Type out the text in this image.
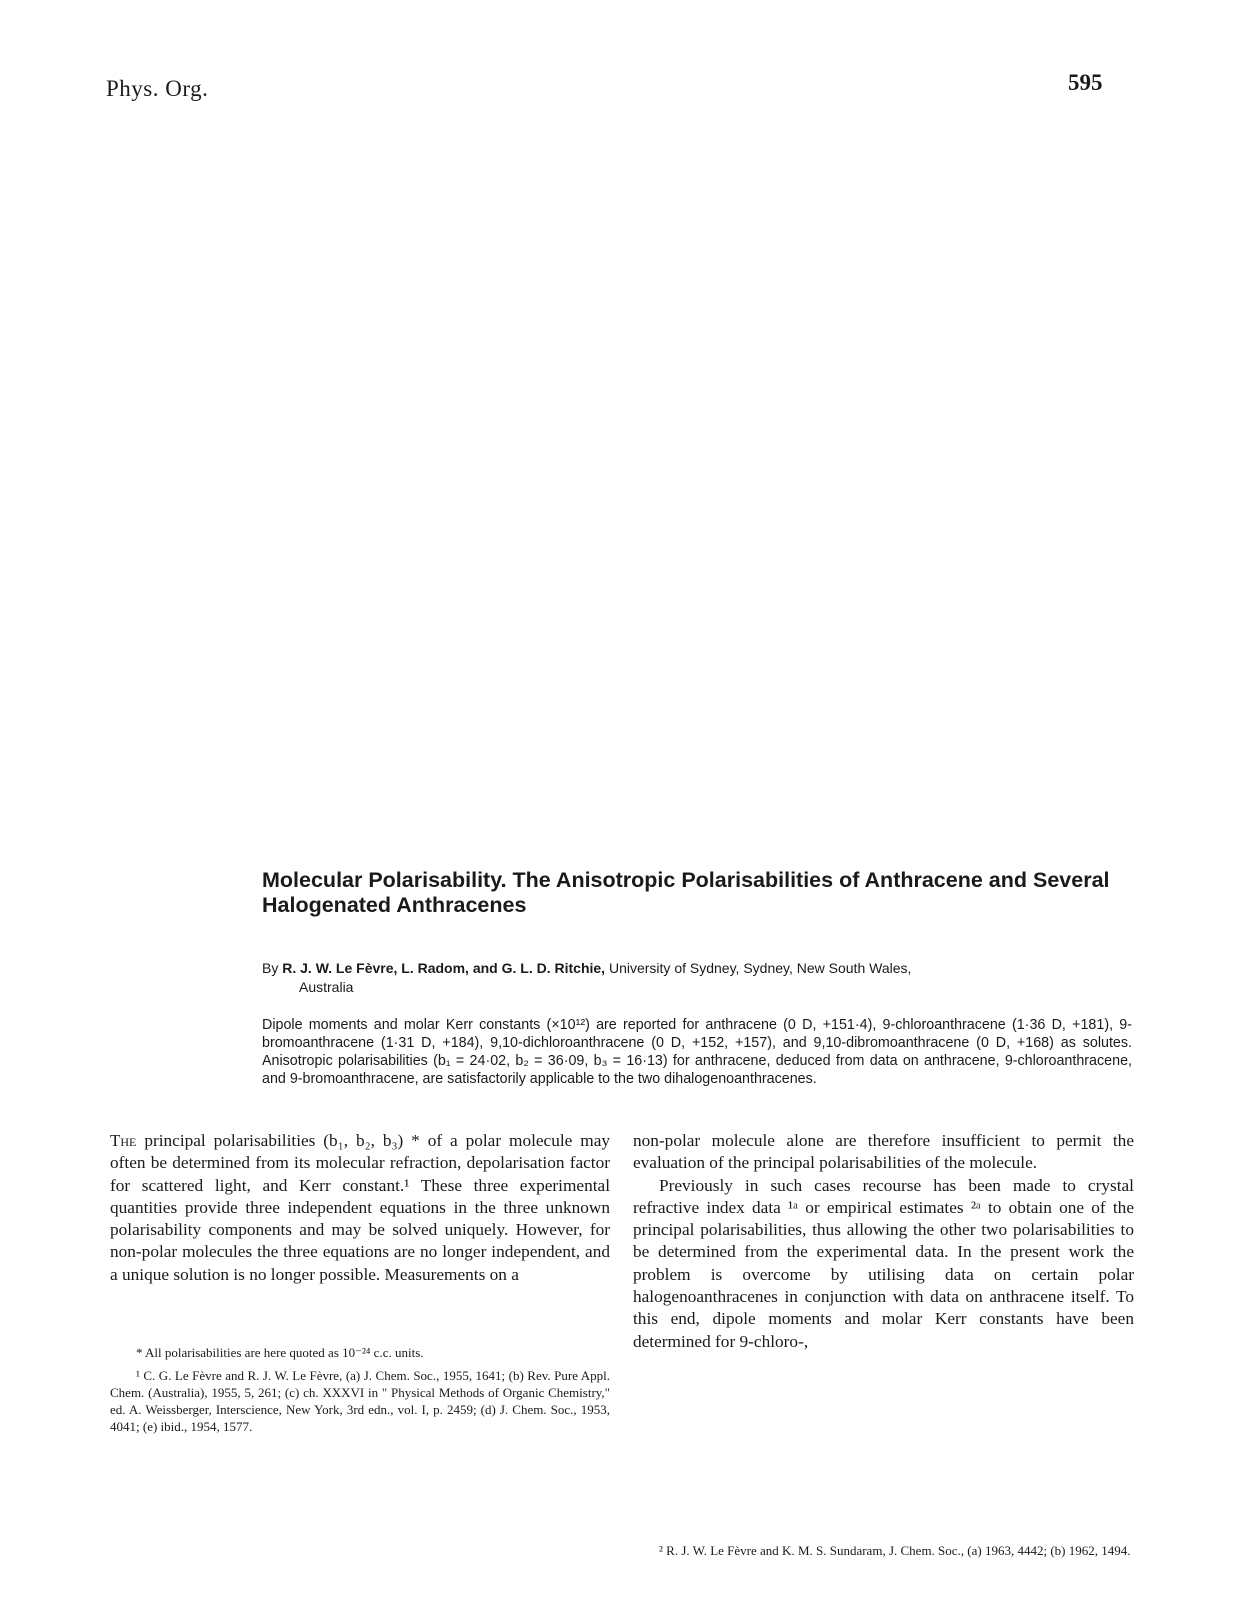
Phys. Org.	595
Molecular Polarisability. The Anisotropic Polarisabilities of Anthracene and Several Halogenated Anthracenes
By R. J. W. Le Fèvre, L. Radom, and G. L. D. Ritchie, University of Sydney, Sydney, New South Wales,
Australia

Dipole moments and molar Kerr constants (×10¹²) are reported for anthracene (0 D, +151·4), 9-chloroanthracene (1·36 D, +181), 9-bromoanthracene (1·31 D, +184), 9,10-dichloroanthracene (0 D, +152, +157), and 9,10-dibromoanthracene (0 D, +168) as solutes. Anisotropic polarisabilities (b₁ = 24·02, b₂ = 36·09, b₃ = 16·13) for anthracene, deduced from data on anthracene, 9-chloroanthracene, and 9-bromoanthracene, are satisfactorily applicable to the two dihalogenoanthracenes.

The principal polarisabilities (b₁, b₂, b₃) * of a polar molecule may often be determined from its molecular refraction, depolarisation factor for scattered light, and Kerr constant.¹ These three experimental quantities provide three independent equations in the three unknown polarisability components and may be solved uniquely. However, for non-polar molecules the three equations are no longer independent, and a unique solution is no longer possible. Measurements on a

non-polar molecule alone are therefore insufficient to permit the evaluation of the principal polarisabilities of the molecule.

Previously in such cases recourse has been made to crystal refractive index data ¹ᵃ or empirical estimates ²ᵃ to obtain one of the principal polarisabilities, thus allowing the other two polarisabilities to be determined from the experimental data. In the present work the problem is overcome by utilising data on certain polar halogenoanthracenes in conjunction with data on anthracene itself. To this end, dipole moments and molar Kerr constants have been determined for 9-chloro-,

* All polarisabilities are here quoted as 10⁻²⁴ c.c. units.

¹ C. G. Le Fèvre and R. J. W. Le Fèvre, (a) J. Chem. Soc., 1955, 1641; (b) Rev. Pure Appl. Chem. (Australia), 1955, 5, 261; (c) ch. XXXVI in " Physical Methods of Organic Chemistry," ed. A. Weissberger, Interscience, New York, 3rd edn., vol. I, p. 2459; (d) J. Chem. Soc., 1953, 4041; (e) ibid., 1954, 1577.

² R. J. W. Le Fèvre and K. M. S. Sundaram, J. Chem. Soc., (a) 1963, 4442; (b) 1962, 1494.
